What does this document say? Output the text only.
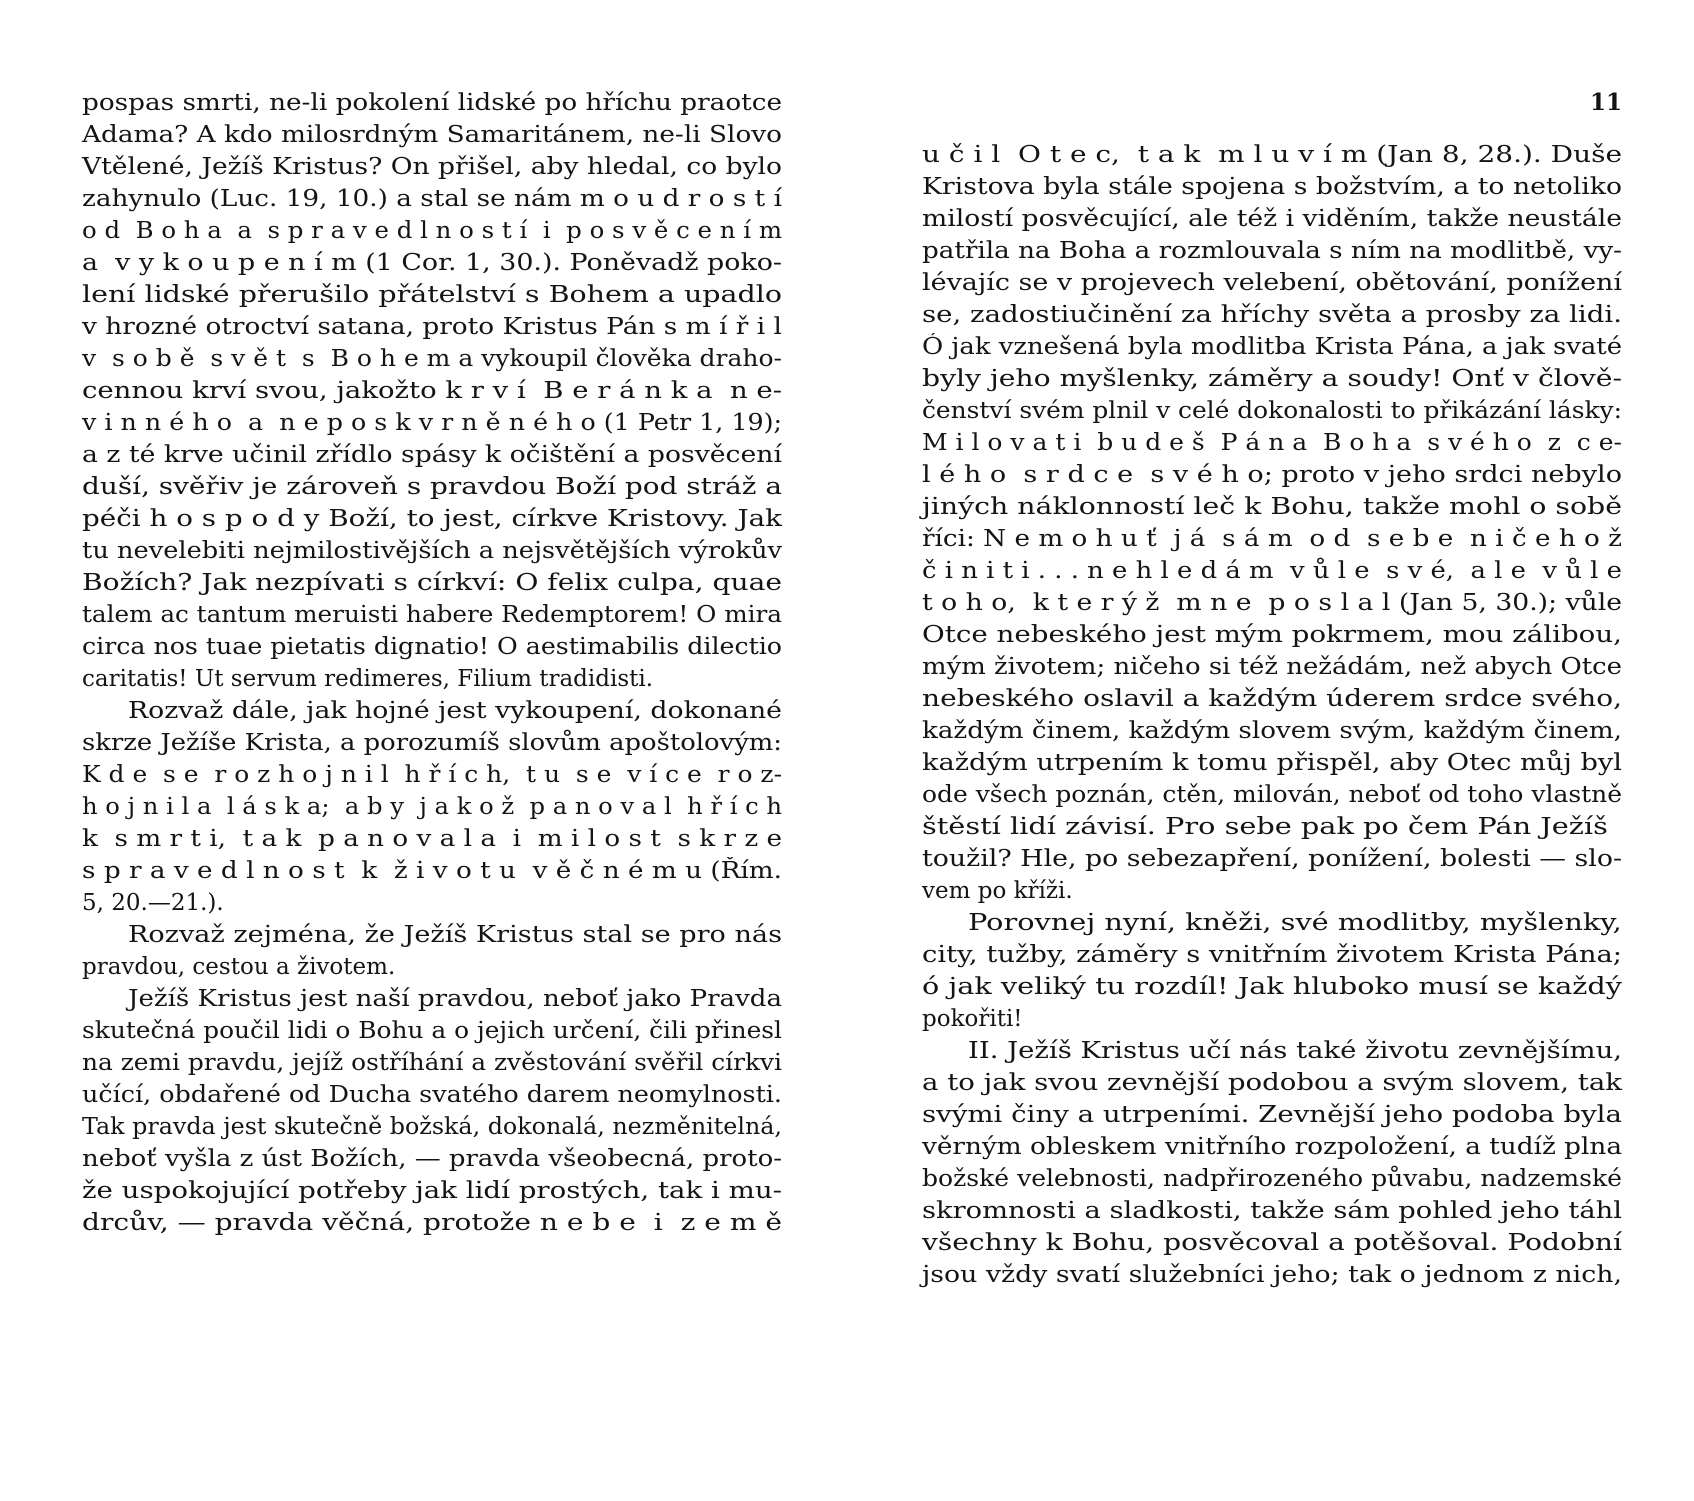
pospas smrti, ne-li pokolení lidské po hříchu praotce
Adama? A kdo milosrdným Samaritánem, ne-li Slovo
Vtělené, Ježíš Kristus? On přišel, aby hledal, co bylo
zahynulo (Luc. 19, 10.) a stal se nám m o u d r o s t í
o d  B o h a  a  s p r a v e d l n o s t í  i  p o s v ě c e n í m
a  v y k o u p e n í m (1 Cor. 1, 30.). Poněvadž poko-
lení lidské přerušilo přátelství s Bohem a upadlo
v hrozné otroctví satana, proto Kristus Pán s m í ř i l
v  s o b ě  s v ě t  s  B o h e m a vykoupil člověka draho-
cennou krví svou, jakožto k r v í  B e r á n k a  n e-
v i n n é h o  a  n e p o s k v r n ě n é h o (1 Petr 1, 19);
a z té krve učinil zřídlo spásy k očištění a posvěcení
duší, svěřiv je zároveň s pravdou Boží pod stráž a
péči h o s p o d y Boží, to jest, církve Kristovy. Jak
tu nevelebiti nejmilostivějších a nejsvětějších výrokův
Božích? Jak nezpívati s církví: O felix culpa, quae
talem ac tantum meruisti habere Redemptorem! O mira
circa nos tuae pietatis dignatio! O aestimabilis dilectio
caritatis! Ut servum redimeres, Filium tradidisti.
Rozvaž dále, jak hojné jest vykoupení, dokonané
skrze Ježíše Krista, a porozumíš slovům apoštolovým:
K d e  s e  r o z h o j n i l  h ř í c h,  t u  s e  v í c e  r o z-
h o j n i l a  l á s k a;  a b y  j a k o ž  p a n o v a l  h ř í c h
k  s m r t i,  t a k  p a n o v a l a  i  m i l o s t  s k r z e
s p r a v e d l n o s t  k  ž i v o t u  v ě č n é m u (Řím.
5, 20.—21.).
Rozvaž zejména, že Ježíš Kristus stal se pro nás
pravdou, cestou a životem.
Ježíš Kristus jest naší pravdou, neboť jako Pravda
skutečná poučil lidi o Bohu a o jejich určení, čili přinesl
na zemi pravdu, jejíž ostříhání a zvěstování svěřil církvi
učící, obdařené od Ducha svatého darem neomylnosti.
Tak pravda jest skutečně božská, dokonalá, nezměnitelná,
neboť vyšla z úst Božích, — pravda všeobecná, proto-
že uspokojující potřeby jak lidí prostých, tak i mu-
drcův, — pravda věčná, protože n e b e  i  z e m ě
11
u č i l  O t e c,  t a k  m l u v í m (Jan 8, 28.). Duše
Kristova byla stále spojena s božstvím, a to netoliko
milostí posvěcující, ale též i viděním, takže neustále
patřila na Boha a rozmlouvala s ním na modlitbě, vy-
lévajíc se v projevech velebení, obětování, ponížení
se, zadostiučinění za hříchy světa a prosby za lidi.
Ó jak vznešená byla modlitba Krista Pána, a jak svaté
byly jeho myšlenky, záměry a soudy! Onť v člově-
čenství svém plnil v celé dokonalosti to přikázání lásky:
M i l o v a t i  b u d e š  P á n a  B o h a  s v é h o  z  c e-
l é h o  s r d c e  s v é h o; proto v jeho srdci nebylo
jiných náklonností leč k Bohu, takže mohl o sobě
říci: N e m o h u ť  j á  s á m  o d  s e b e  n i č e h o ž
č i n i t i . . . n e h l e d á m  v ů l e  s v é,  a l e  v ů l e
t o h o,  k t e r ý ž  m n e  p o s l a l (Jan 5, 30.); vůle
Otce nebeského jest mým pokrmem, mou zálibou,
mým životem; ničeho si též nežádám, než abych Otce
nebeského oslavil a každým úderem srdce svého,
každým činem, každým slovem svým, každým činem,
každým utrpením k tomu přispěl, aby Otec můj byl
ode všech poznán, ctěn, milován, neboť od toho vlastně
štěstí lidí závisí. Pro sebe pak po čem Pán Ježíš
toužil? Hle, po sebezapření, ponížení, bolesti — slo-
vem po kříži.
Porovnej nyní, kněži, své modlitby, myšlenky,
city, tužby, záměry s vnitřním životem Krista Pána;
ó jak veliký tu rozdíl! Jak hluboko musí se každý
pokořiti!
II. Ježíš Kristus učí nás také životu zevnějšímu,
a to jak svou zevnější podobou a svým slovem, tak
svými činy a utrpeními. Zevnější jeho podoba byla
věrným obleskem vnitřního rozpoložení, a tudíž plna
božské velebnosti, nadpřirozeného půvabu, nadzemské
skromnosti a sladkosti, takže sám pohled jeho táhl
všechny k Bohu, posvěcoval a potěšoval. Podobní
jsou vždy svatí služebníci jeho; tak o jednom z nich,
